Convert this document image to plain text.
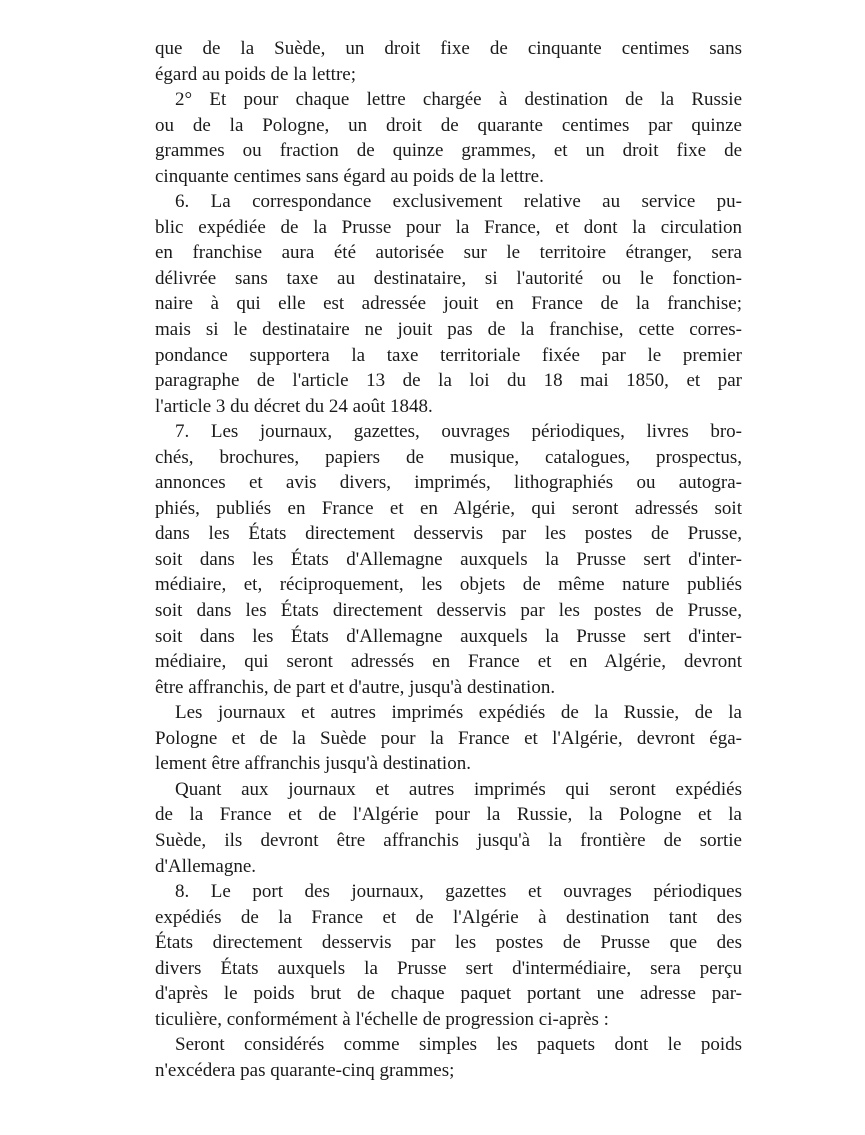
que de la Suède, un droit fixe de cinquante centimes sans
égard au poids de la lettre;
2° Et pour chaque lettre chargée à destination de la Russie
ou de la Pologne, un droit de quarante centimes par quinze
grammes ou fraction de quinze grammes, et un droit fixe de
cinquante centimes sans égard au poids de la lettre.
6. La correspondance exclusivement relative au service pu-
blic expédiée de la Prusse pour la France, et dont la circulation
en franchise aura été autorisée sur le territoire étranger, sera
délivrée sans taxe au destinataire, si l'autorité ou le fonction-
naire à qui elle est adressée jouit en France de la franchise;
mais si le destinataire ne jouit pas de la franchise, cette corres-
pondance supportera la taxe territoriale fixée par le premier
paragraphe de l'article 13 de la loi du 18 mai 1850, et par
l'article 3 du décret du 24 août 1848.
7. Les journaux, gazettes, ouvrages périodiques, livres bro-
chés, brochures, papiers de musique, catalogues, prospectus,
annonces et avis divers, imprimés, lithographiés ou autogra-
phiés, publiés en France et en Algérie, qui seront adressés soit
dans les États directement desservis par les postes de Prusse,
soit dans les États d'Allemagne auxquels la Prusse sert d'inter-
médiaire, et, réciproquement, les objets de même nature publiés
soit dans les États directement desservis par les postes de Prusse,
soit dans les États d'Allemagne auxquels la Prusse sert d'inter-
médiaire, qui seront adressés en France et en Algérie, devront
être affranchis, de part et d'autre, jusqu'à destination.
Les journaux et autres imprimés expédiés de la Russie, de la
Pologne et de la Suède pour la France et l'Algérie, devront éga-
lement être affranchis jusqu'à destination.
Quant aux journaux et autres imprimés qui seront expédiés
de la France et de l'Algérie pour la Russie, la Pologne et la
Suède, ils devront être affranchis jusqu'à la frontière de sortie
d'Allemagne.
8. Le port des journaux, gazettes et ouvrages périodiques
expédiés de la France et de l'Algérie à destination tant des
États directement desservis par les postes de Prusse que des
divers États auxquels la Prusse sert d'intermédiaire, sera perçu
d'après le poids brut de chaque paquet portant une adresse par-
ticulière, conformément à l'échelle de progression ci-après :
Seront considérés comme simples les paquets dont le poids
n'excédera pas quarante-cinq grammes;
